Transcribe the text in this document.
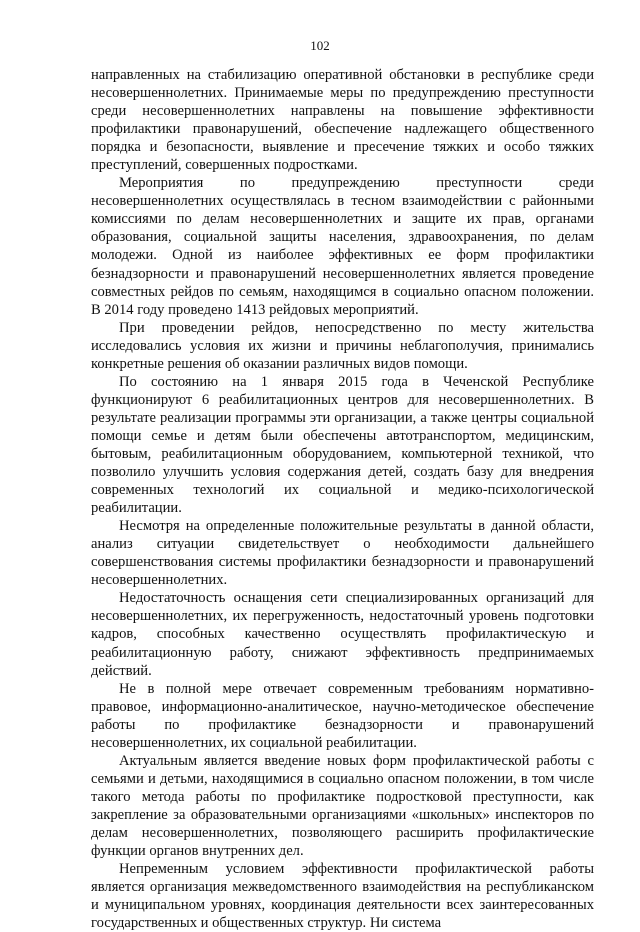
102

направленных на стабилизацию оперативной обстановки в республике среди несовершеннолетних. Принимаемые меры по предупреждению преступности среди несовершеннолетних направлены на повышение эффективности профилактики правонарушений, обеспечение надлежащего общественного порядка и безопасности, выявление и пресечение тяжких и особо тяжких преступлений, совершенных подростками.

Мероприятия по предупреждению преступности среди несовершеннолетних осуществлялась в тесном взаимодействии с районными комиссиями по делам несовершеннолетних и защите их прав, органами образования, социальной защиты населения, здравоохранения, по делам молодежи. Одной из наиболее эффективных ее форм профилактики безнадзорности и правонарушений несовершеннолетних является проведение совместных рейдов по семьям, находящимся в социально опасном положении. В 2014 году проведено 1413 рейдовых мероприятий.

При проведении рейдов, непосредственно по месту жительства исследовались условия их жизни и причины неблагополучия, принимались конкретные решения об оказании различных видов помощи.

По состоянию на 1 января 2015 года в Чеченской Республике функционируют 6 реабилитационных центров для несовершеннолетних. В результате реализации программы эти организации, а также центры социальной помощи семье и детям были обеспечены автотранспортом, медицинским, бытовым, реабилитационным оборудованием, компьютерной техникой, что позволило улучшить условия содержания детей, создать базу для внедрения современных технологий их социальной и медико-психологической реабилитации.

Несмотря на определенные положительные результаты в данной области, анализ ситуации свидетельствует о необходимости дальнейшего совершенствования системы профилактики безнадзорности и правонарушений несовершеннолетних.

Недостаточность оснащения сети специализированных организаций для несовершеннолетних, их перегруженность, недостаточный уровень подготовки кадров, способных качественно осуществлять профилактическую и реабилитационную работу, снижают эффективность предпринимаемых действий.

Не в полной мере отвечает современным требованиям нормативно-правовое, информационно-аналитическое, научно-методическое обеспечение работы по профилактике безнадзорности и правонарушений несовершеннолетних, их социальной реабилитации.

Актуальным является введение новых форм профилактической работы с семьями и детьми, находящимися в социально опасном положении, в том числе такого метода работы по профилактике подростковой преступности, как закрепление за образовательными организациями «школьных» инспекторов по делам несовершеннолетних, позволяющего расширить профилактические функции органов внутренних дел.

Непременным условием эффективности профилактической работы является организация межведомственного взаимодействия на республиканском и муниципальном уровнях, координация деятельности всех заинтересованных государственных и общественных структур. Ни система
